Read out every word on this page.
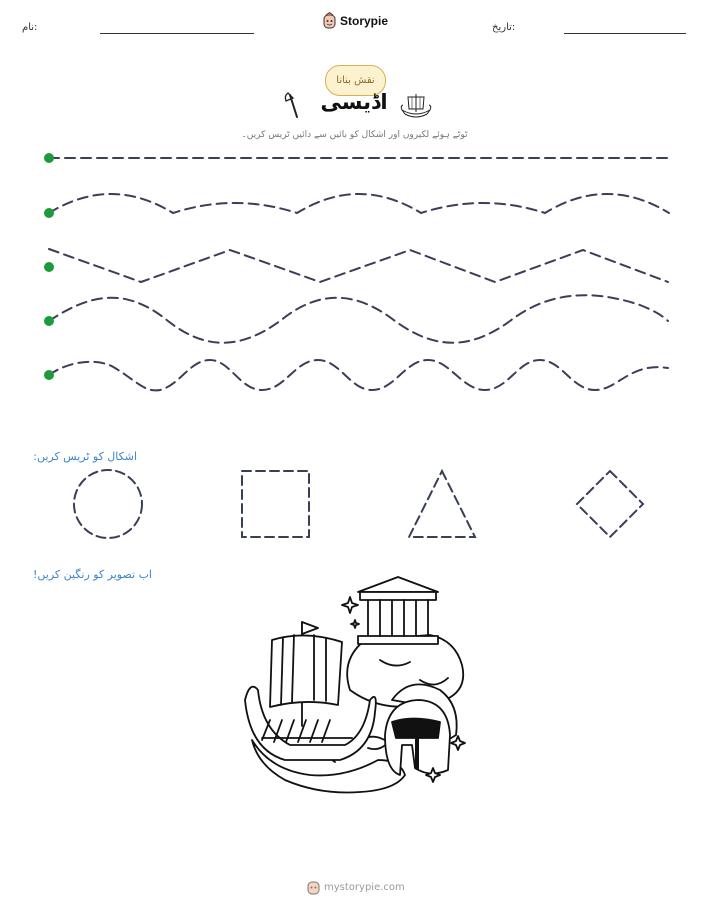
نام:	Storypie	تاریخ:
نقش بنانا
اڈیسی
ٹوٹے ہوئے لکیروں اور اشکال کو بائیں سے دائیں ٹریس کریں۔
اشکال کو ٹریس کریں:
اب تصویر کو رنگین کریں!
mystorypie.com
